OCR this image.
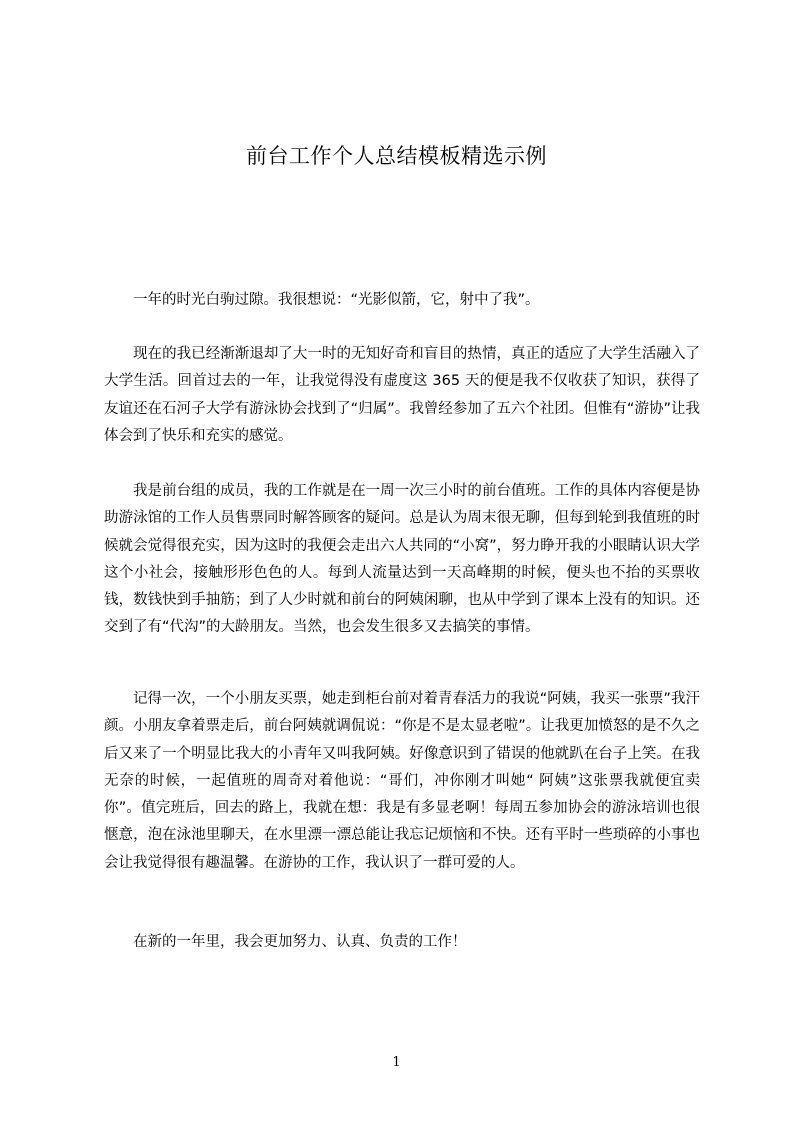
前台工作个人总结模板精选示例

一年的时光白驹过隙。我很想说：“光影似箭，它，射中了我”。

现在的我已经渐渐退却了大一时的无知好奇和盲目的热情，真正的适应了大学生活融入了大学生活。回首过去的一年，让我觉得没有虚度这 365 天的便是我不仅收获了知识，获得了友谊还在石河子大学有游泳协会找到了“归属”。我曾经参加了五六个社团。但惟有“游协”让我体会到了快乐和充实的感觉。

我是前台组的成员，我的工作就是在一周一次三小时的前台值班。工作的具体内容便是协助游泳馆的工作人员售票同时解答顾客的疑问。总是认为周末很无聊，但每到轮到我值班的时候就会觉得很充实，因为这时的我便会走出六人共同的“小窝”，努力睁开我的小眼睛认识大学这个小社会，接触形形色色的人。每到人流量达到一天高峰期的时候，便头也不抬的买票收钱，数钱快到手抽筋；到了人少时就和前台的阿姨闲聊，也从中学到了课本上没有的知识。还交到了有“代沟”的大龄朋友。当然，也会发生很多又去搞笑的事情。

记得一次，一个小朋友买票，她走到柜台前对着青春活力的我说“阿姨，我买一张票”我汗颜。小朋友拿着票走后，前台阿姨就调侃说：“你是不是太显老啦”。让我更加愤怒的是不久之后又来了一个明显比我大的小青年又叫我阿姨。好像意识到了错误的他就趴在台子上笑。在我无奈的时候，一起值班的周奇对着他说：“哥们，冲你刚才叫她“ 阿姨”这张票我就便宜卖你”。值完班后，回去的路上，我就在想：我是有多显老啊！每周五参加协会的游泳培训也很惬意，泡在泳池里聊天，在水里漂一漂总能让我忘记烦恼和不快。还有平时一些琐碎的小事也会让我觉得很有趣温馨。在游协的工作，我认识了一群可爱的人。

在新的一年里，我会更加努力、认真、负责的工作！

1
